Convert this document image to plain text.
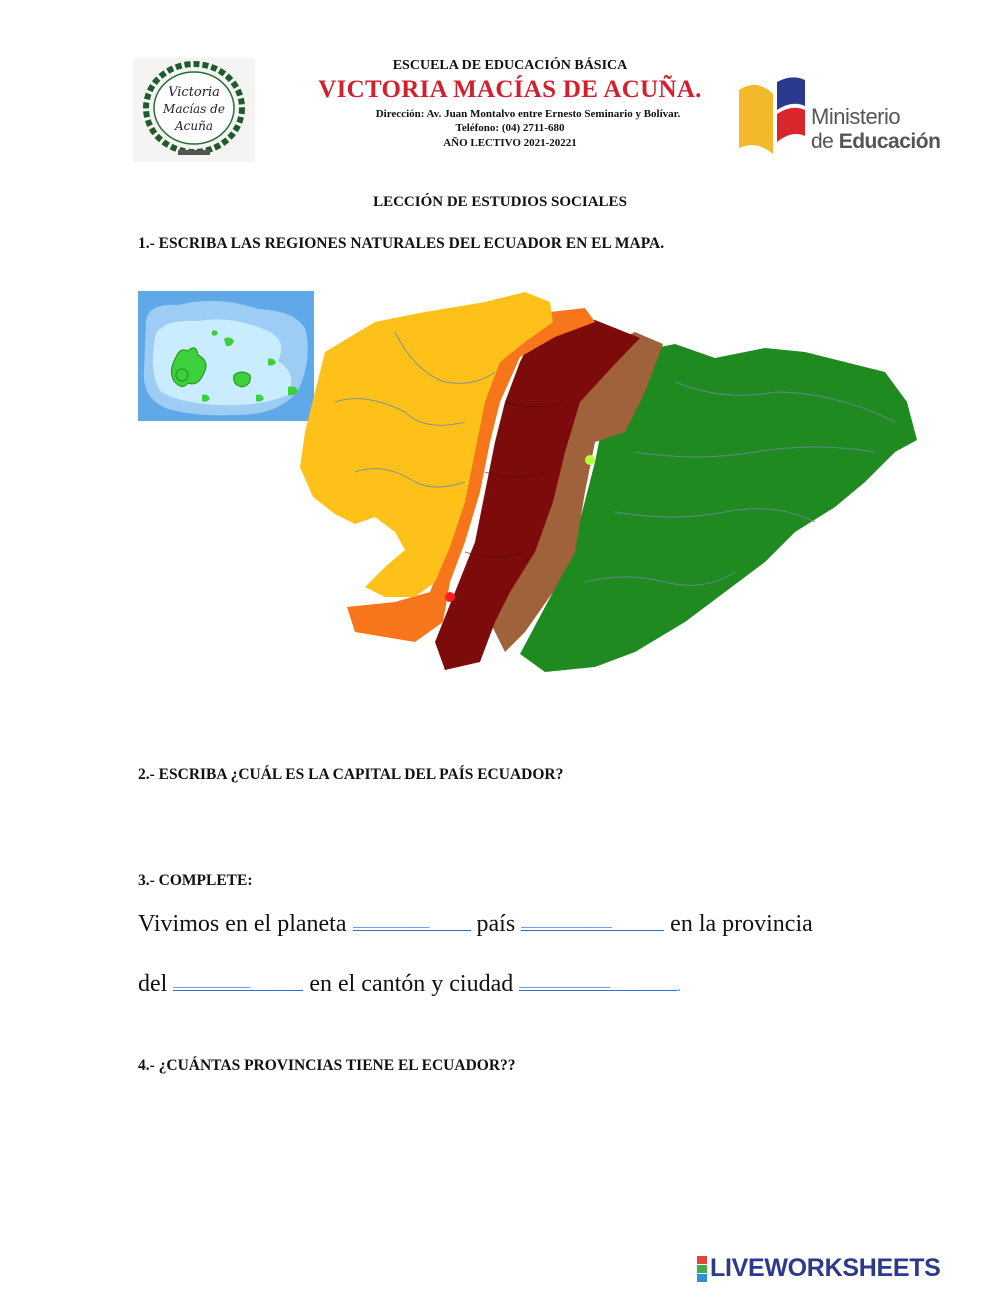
Victoria
Macías de
Acuña
ESCUELA DE EDUCACIÓN BÁSICA
VICTORIA MACÍAS DE ACUÑA.
Dirección: Av. Juan Montalvo entre Ernesto Seminario y Bolívar.
Teléfono: (04) 2711-680
AÑO LECTIVO 2021-20221
Ministerio
de Educación
LECCIÓN DE ESTUDIOS SOCIALES
1.- ESCRIBA LAS REGIONES NATURALES DEL ECUADOR EN EL MAPA.
2.- ESCRIBA ¿CUÁL ES LA CAPITAL DEL PAÍS ECUADOR?
3.- COMPLETE:
Vivimos en el planeta ___________ país _____________ en la provincia
del ___________ en el cantón y ciudad _____________	.
4.- ¿CUÁNTAS PROVINCIAS TIENE EL ECUADOR??
LIVEWORKSHEETS
